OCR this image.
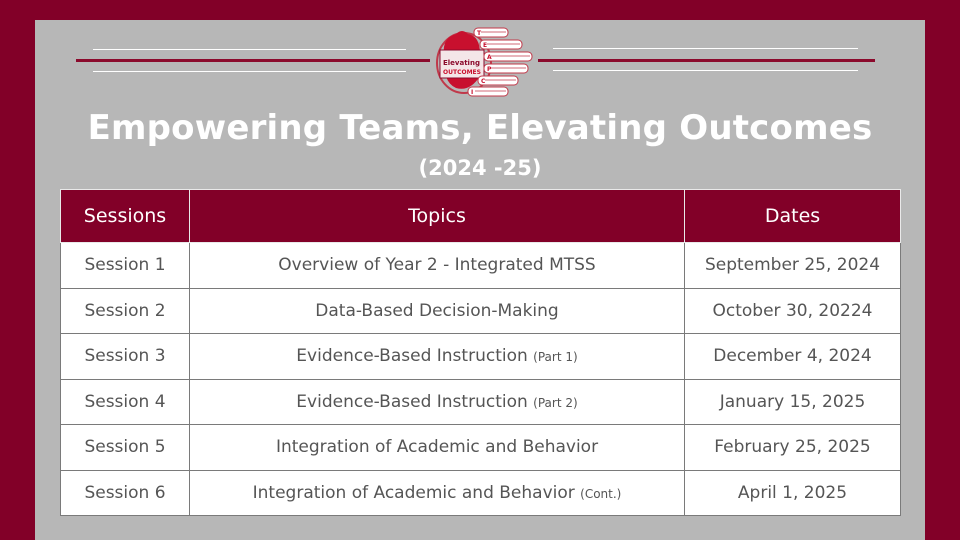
Elevating
OUTCOMES
T
E
A
P
C
I
Empowering Teams, Elevating Outcomes
(2024 -25)
Sessions	Topics	Dates
Session 1	Overview of Year 2 - Integrated MTSS	September 25, 2024
Session 2	Data-Based Decision-Making	October 30, 20224
Session 3	Evidence-Based Instruction (Part 1)	December 4, 2024
Session 4	Evidence-Based Instruction (Part 2)	January 15, 2025
Session 5	Integration of Academic and Behavior	February 25, 2025
Session 6	Integration of Academic and Behavior (Cont.)	April 1, 2025
